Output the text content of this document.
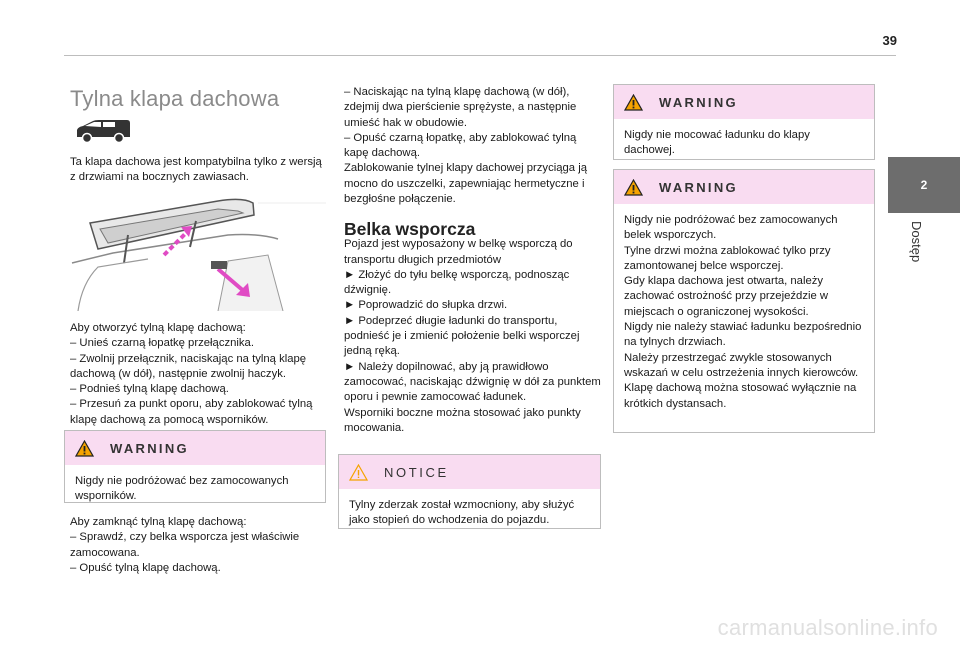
39
2
Dostęp
Tylna klapa dachowa

Ta klapa dachowa jest kompatybilna tylko z wersją z drzwiami na bocznych zawiasach.

Aby otworzyć tylną klapę dachową:

– Unieś czarną łopatkę przełącznika.

– Zwolnij przełącznik, naciskając na tylną klapę dachową (w dół), następnie zwolnij haczyk.

– Podnieś tylną klapę dachową.

– Przesuń za punkt oporu, aby zablokować tylną klapę dachową za pomocą wsporników.

WARNING

Nigdy nie podróżować bez zamocowanych wsporników.

Aby zamknąć tylną klapę dachową:

– Sprawdź, czy belka wsporcza jest właściwie zamocowana.

– Opuść tylną klapę dachową.

– Naciskając na tylną klapę dachową (w dół), zdejmij dwa pierścienie sprężyste, a następnie umieść hak w obudowie.

– Opuść czarną łopatkę, aby zablokować tylną kapę dachową.

Zablokowanie tylnej klapy dachowej przyciąga ją mocno do uszczelki, zapewniając hermetyczne i bezgłośne połączenie.

Belka wsporcza

Pojazd jest wyposażony w belkę wsporczą do transportu długich przedmiotów

► Złożyć do tyłu belkę wsporczą, podnosząc dźwignię.

► Poprowadzić do słupka drzwi.

► Podeprzeć długie ładunki do transportu, podnieść je i zmienić położenie belki wsporczej jedną ręką.

► Należy dopilnować, aby ją prawidłowo zamocować, naciskając dźwignię w dół za punktem oporu i pewnie zamocować ładunek.

Wsporniki boczne można stosować jako punkty mocowania.

NOTICE

Tylny zderzak został wzmocniony, aby służyć jako stopień do wchodzenia do pojazdu.

WARNING

Nigdy nie mocować ładunku do klapy dachowej.

WARNING

Nigdy nie podróżować bez zamocowanych belek wsporczych.

Tylne drzwi można zablokować tylko przy zamontowanej belce wsporczej.

Gdy klapa dachowa jest otwarta, należy zachować ostrożność przy przejeździe w miejscach o ograniczonej wysokości.

Nigdy nie należy stawiać ładunku bezpośrednio na tylnych drzwiach.

Należy przestrzegać zwykle stosowanych wskazań w celu ostrzeżenia innych kierowców.

Klapę dachową można stosować wyłącznie na krótkich dystansach.

carmanualsonline.info
